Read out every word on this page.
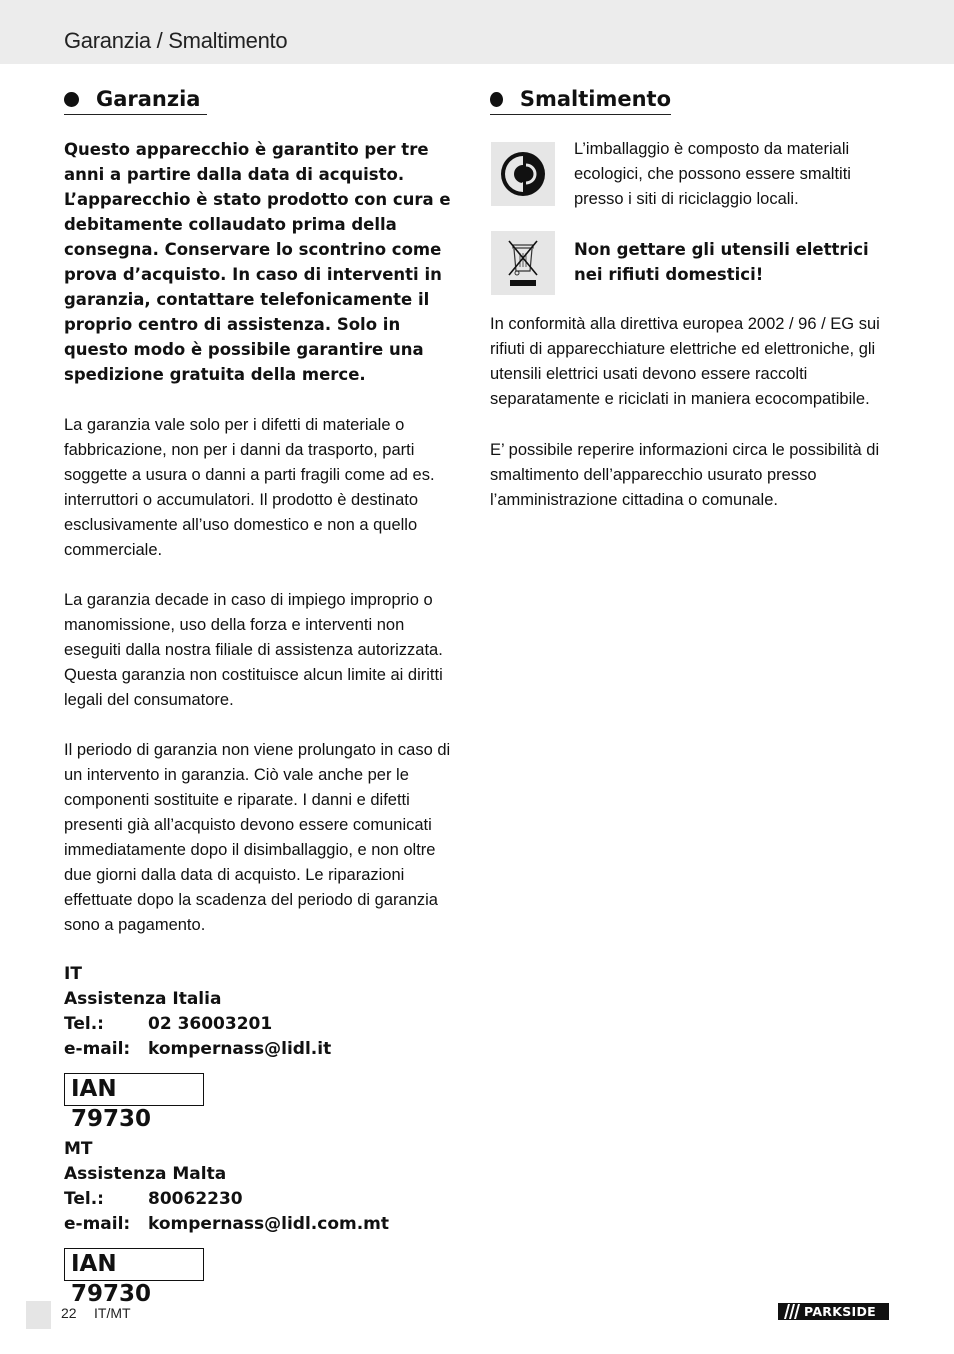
Garanzia / Smaltimento
Garanzia

Questo apparecchio è garantito per tre anni a partire dalla data di acquisto. L’apparecchio è stato prodotto con cura e debitamente collaudato prima della consegna. Conservare lo scontrino come prova d’acquisto. In caso di interventi in garanzia, contattare telefonicamente il proprio centro di assistenza. Solo in questo modo è possibile garantire una spedizione gratuita della merce.

La garanzia vale solo per i difetti di materiale o fabbricazione, non per i danni da trasporto, parti soggette a usura o danni a parti fragili come ad es. interruttori o accumulatori. Il prodotto è destinato esclusivamente all’uso domestico e non a quello commerciale.

La garanzia decade in caso di impiego improprio o manomissione, uso della forza e interventi non eseguiti dalla nostra filiale di assistenza autorizzata. Questa garanzia non costituisce alcun limite ai diritti legali del consumatore.

Il periodo di garanzia non viene prolungato in caso di un intervento in garanzia. Ciò vale anche per le componenti sostituite e riparate. I danni e difetti presenti già all’acquisto devono essere comunicati immediatamente dopo il disimballaggio, e non oltre due giorni dalla data di acquisto. Le riparazioni effettuate dopo la scadenza del periodo di garanzia sono a pagamento.

IT
Assistenza Italia
Tel.:	02 36003201
e-mail:	kompernass@lidl.it
IAN 79730
MT
Assistenza Malta
Tel.:	80062230
e-mail:	kompernass@lidl.com.mt
IAN 79730
Smaltimento

L’imballaggio è composto da materiali ecologici, che possono essere smaltiti presso i siti di riciclaggio locali.

Non gettare gli utensili elettrici nei rifiuti domestici!

In conformità alla direttiva europea 2002 / 96 / EG sui rifiuti di apparecchiature elettriche ed elettroniche, gli utensili elettrici usati devono essere raccolti separatamente e riciclati in maniera ecocompatibile.

E’ possibile reperire informazioni circa le possibilità di smaltimento dell’apparecchio usurato presso l’amministrazione cittadina o comunale.

22 IT/MT	PARKSIDE
